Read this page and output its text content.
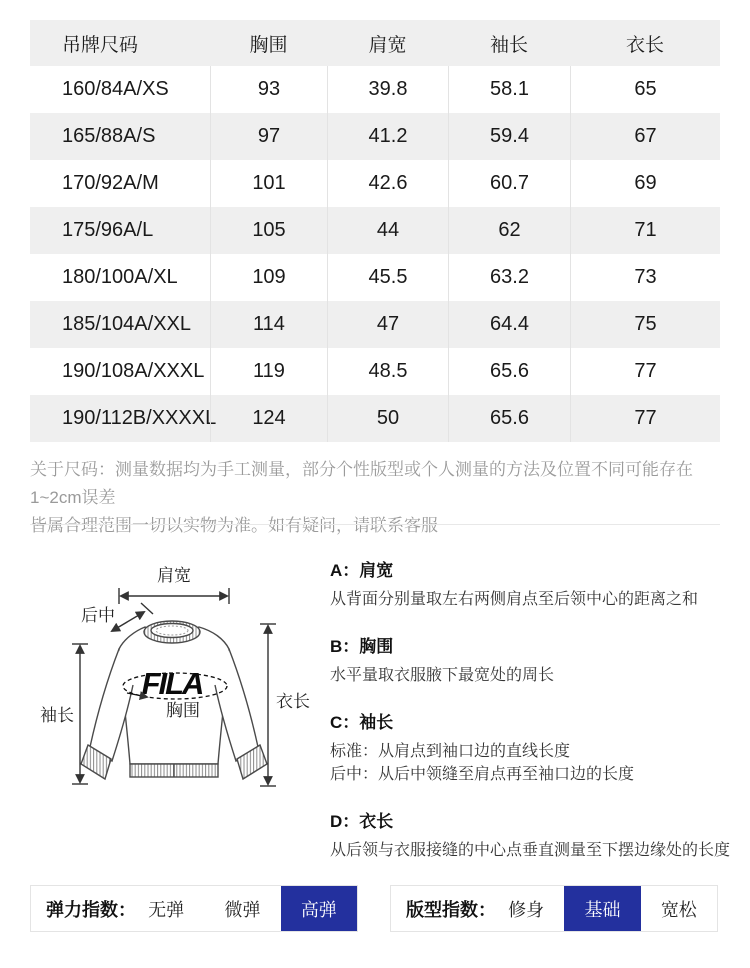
吊牌尺码	胸围	肩宽	袖长	衣长
160/84A/XS	93	39.8	58.1	65
165/88A/S	97	41.2	59.4	67
170/92A/M	101	42.6	60.7	69
175/96A/L	105	44	62	71
180/100A/XL	109	45.5	63.2	73
185/104A/XXL	114	47	64.4	75
190/108A/XXXL	119	48.5	65.6	77
190/112B/XXXXL	124	50	65.6	77
关于尺码：测量数据均为手工测量，部分个性版型或个人测量的方法及位置不同可能存在1~2cm误差
皆属合理范围一切以实物为准。如有疑问，请联系客服
FILA
胸围
肩宽
后中
袖长
衣长
A：肩宽
从背面分别量取左右两侧肩点至后领中心的距离之和
B：胸围
水平量取衣服腋下最宽处的周长
C：袖长
标准：从肩点到袖口边的直线长度
后中：从后中领缝至肩点再至袖口边的长度
D：衣长
从后领与衣服接缝的中心点垂直测量至下摆边缘处的长度
弹力指数： 无弹	微弹	高弹	版型指数： 修身	基础	宽松
